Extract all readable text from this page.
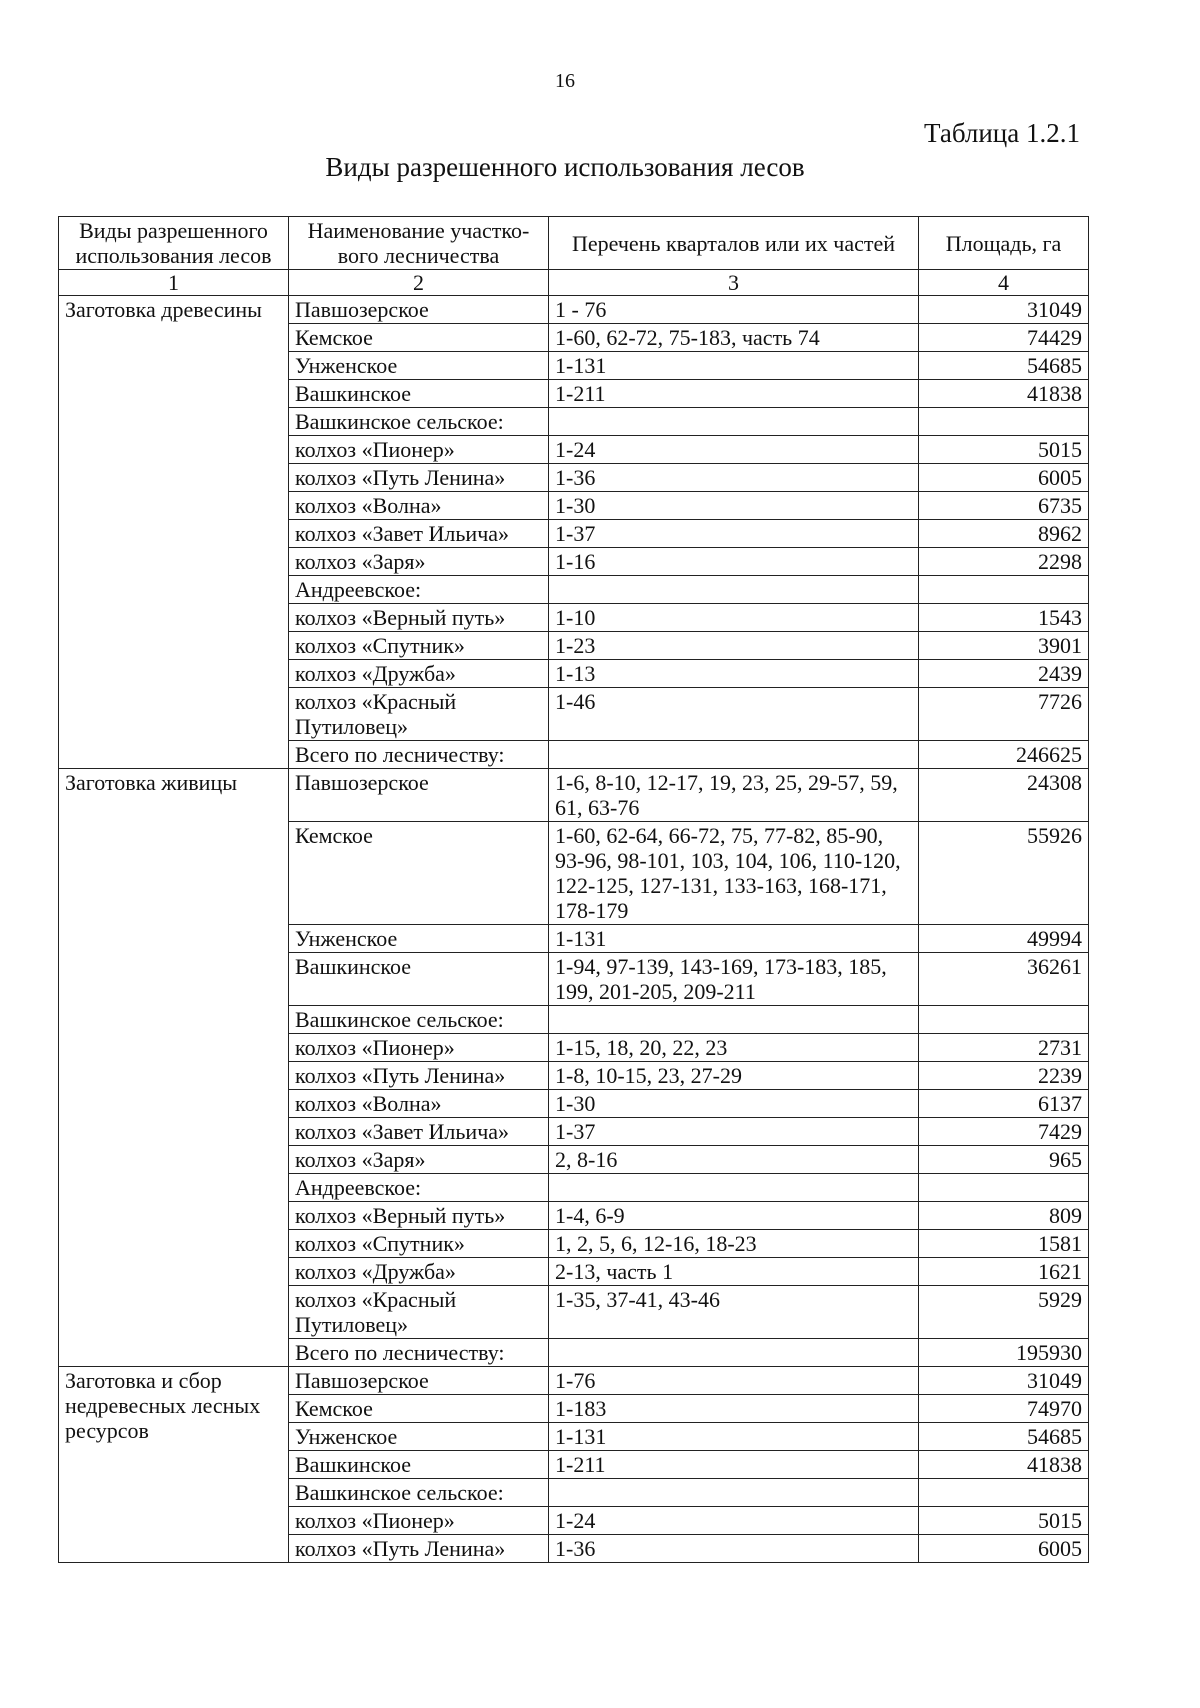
16
Таблица 1.2.1
Виды разрешенного использования лесов
Виды разрешенного использования лесов	Наименование участко-вого лесничества	Перечень кварталов или их частей	Площадь, га
1	2	3	4
Заготовка древесины	Павшозерское	1 - 76	31049
	Кемское	1-60, 62-72, 75-183, часть 74	74429
	Унженское	1-131	54685
	Вашкинское	1-211	41838
	Вашкинское сельское:		
	колхоз «Пионер»	1-24	5015
	колхоз «Путь Ленина»	1-36	6005
	колхоз «Волна»	1-30	6735
	колхоз «Завет Ильича»	1-37	8962
	колхоз «Заря»	1-16	2298
	Андреевское:		
	колхоз «Верный путь»	1-10	1543
	колхоз «Спутник»	1-23	3901
	колхоз «Дружба»	1-13	2439
	колхоз «Красный Путиловец»	1-46	7726
	Всего по лесничеству:		246625
Заготовка живицы	Павшозерское	1-6, 8-10, 12-17, 19, 23, 25, 29-57, 59, 61, 63-76	24308
	Кемское	1-60, 62-64, 66-72, 75, 77-82, 85-90, 93-96, 98-101, 103, 104, 106, 110-120, 122-125, 127-131, 133-163, 168-171, 178-179	55926
	Унженское	1-131	49994
	Вашкинское	1-94, 97-139, 143-169, 173-183, 185, 199, 201-205, 209-211	36261
	Вашкинское сельское:		
	колхоз «Пионер»	1-15, 18, 20, 22, 23	2731
	колхоз «Путь Ленина»	1-8, 10-15, 23, 27-29	2239
	колхоз «Волна»	1-30	6137
	колхоз «Завет Ильича»	1-37	7429
	колхоз «Заря»	2, 8-16	965
	Андреевское:		
	колхоз «Верный путь»	1-4, 6-9	809
	колхоз «Спутник»	1, 2, 5, 6, 12-16, 18-23	1581
	колхоз «Дружба»	2-13, часть 1	1621
	колхоз «Красный Путиловец»	1-35, 37-41, 43-46	5929
	Всего по лесничеству:		195930
Заготовка и сбор недревесных лесных ресурсов	Павшозерское	1-76	31049
	Кемское	1-183	74970
	Унженское	1-131	54685
	Вашкинское	1-211	41838
	Вашкинское сельское:		
	колхоз «Пионер»	1-24	5015
	колхоз «Путь Ленина»	1-36	6005
